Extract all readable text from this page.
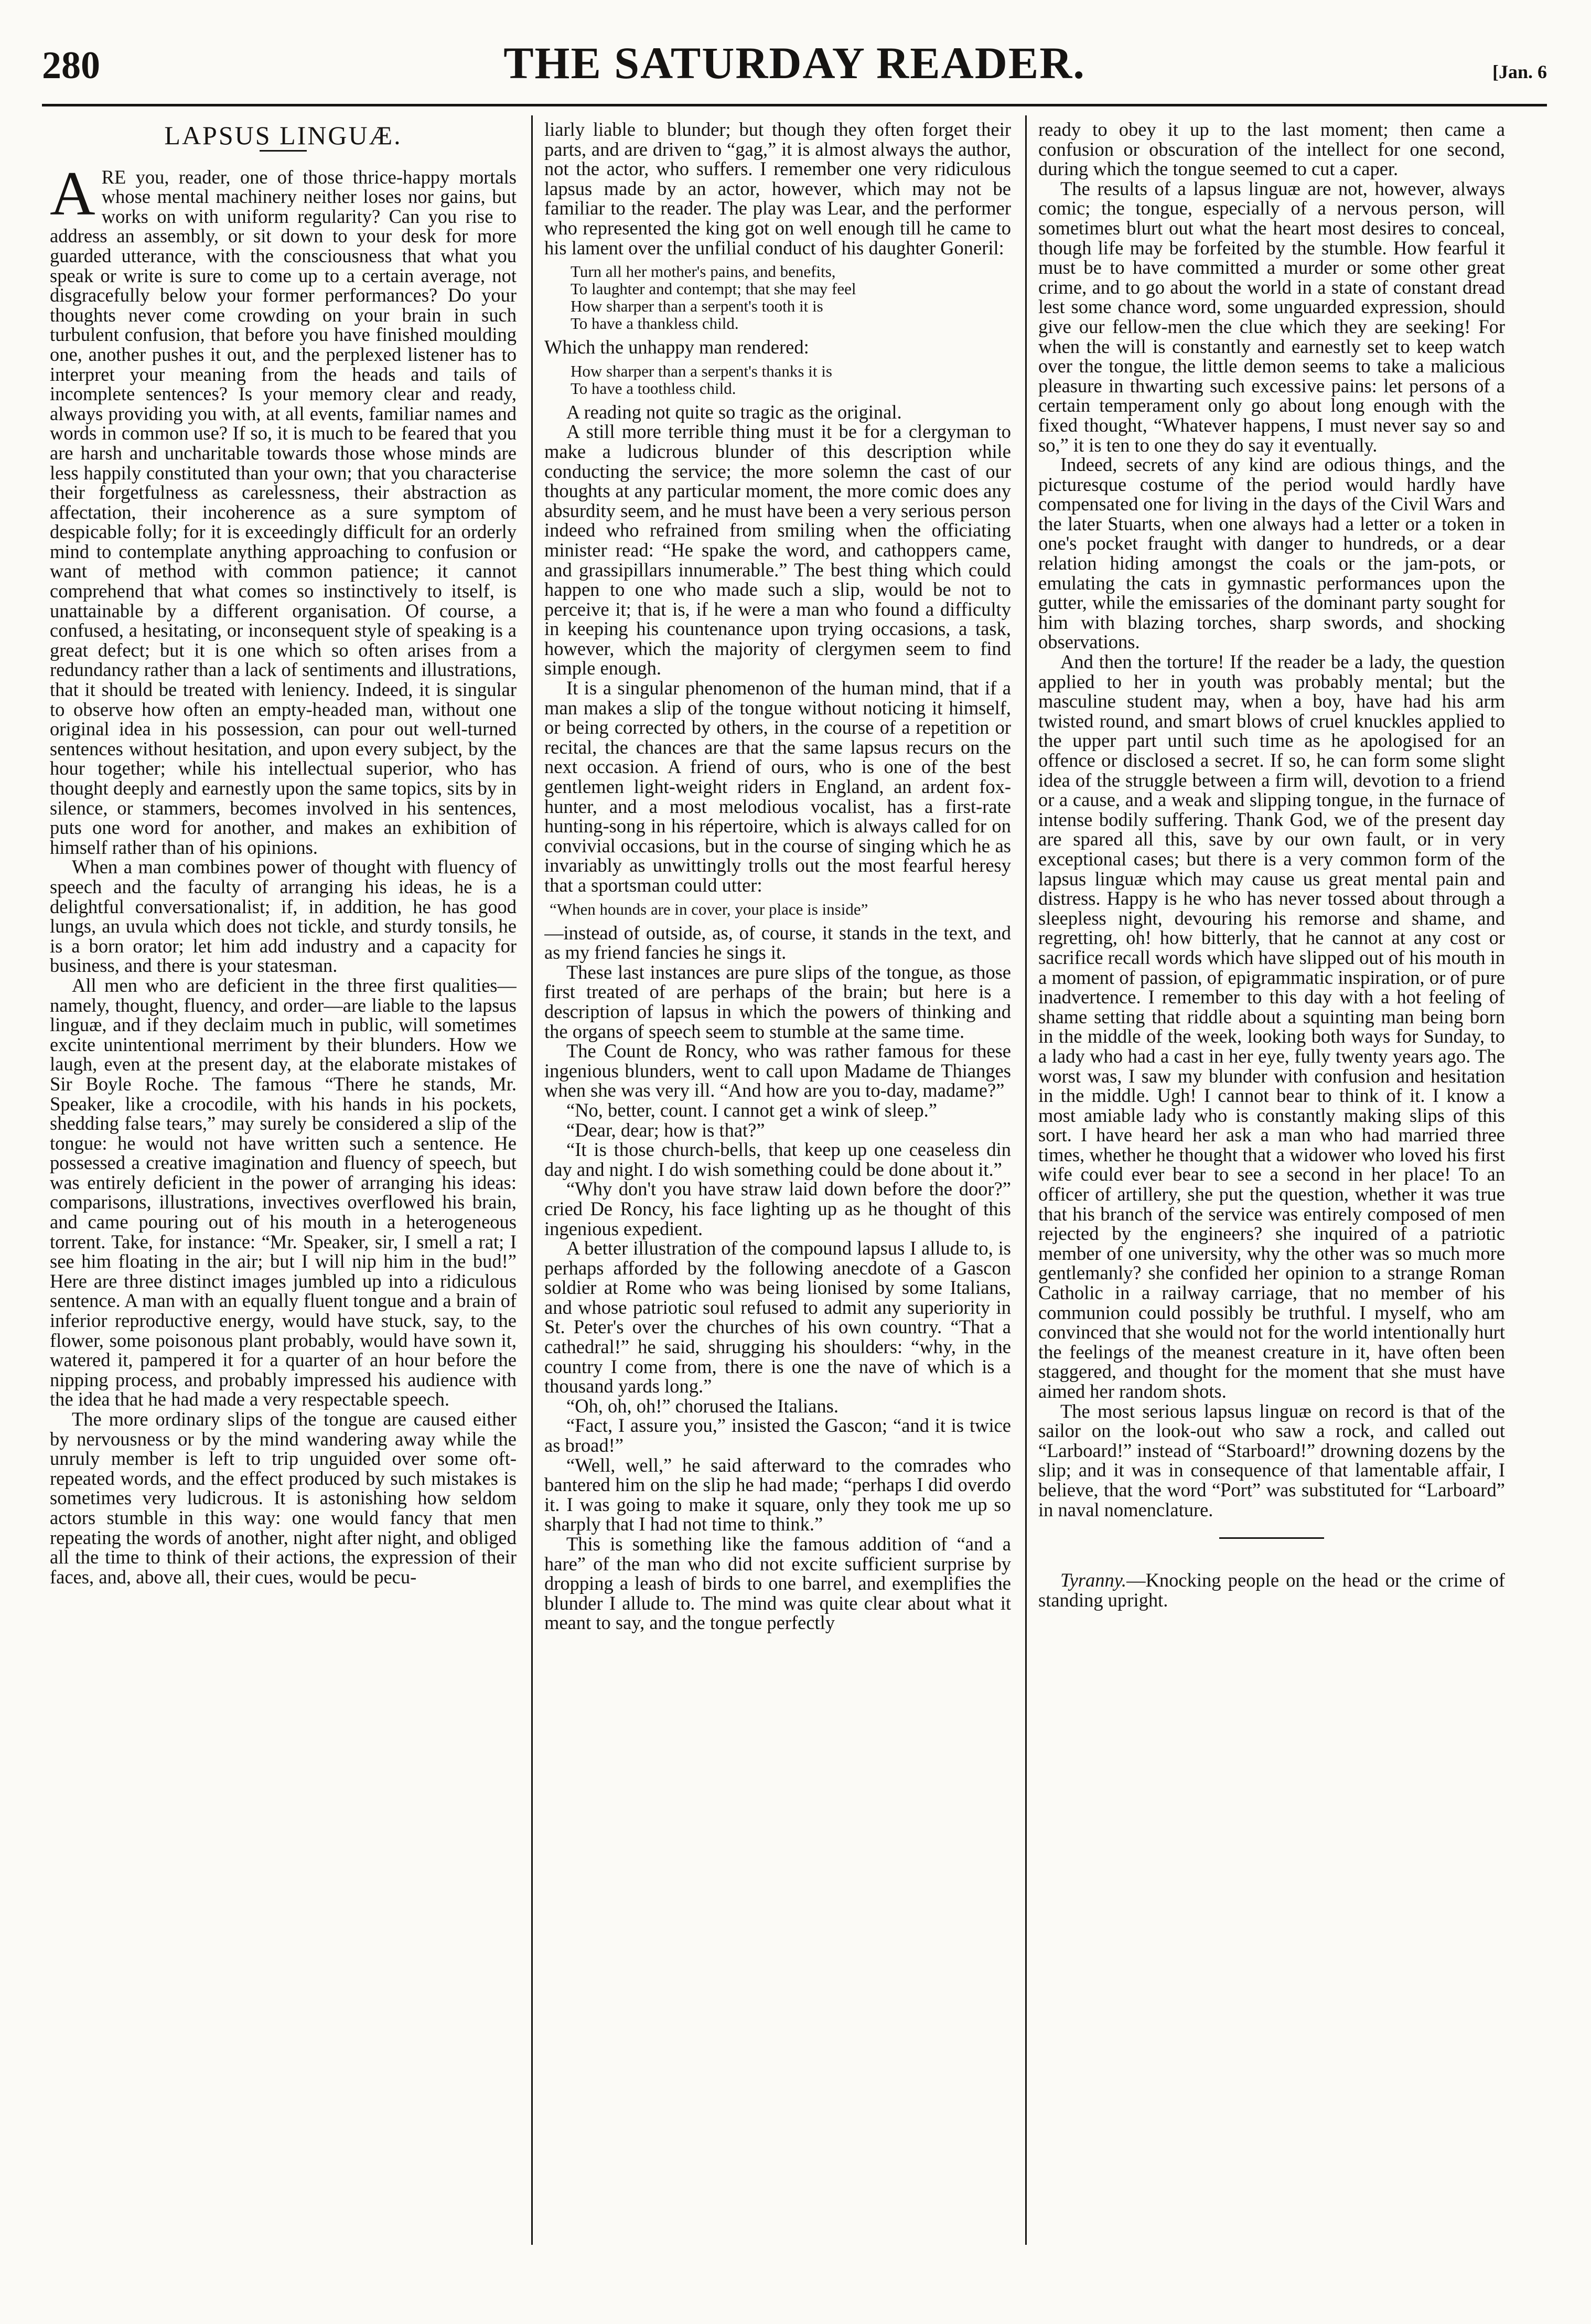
280	THE SATURDAY READER.	[Jan. 6
LAPSUS LINGUÆ.
A RE you, reader, one of those thrice-happy mortals whose mental machinery neither loses nor gains, but works on with uniform regularity? Can you rise to address an assembly, or sit down to your desk for more guarded utterance, with the consciousness that what you speak or write is sure to come up to a certain average, not disgracefully below your former performances? Do your thoughts never come crowding on your brain in such turbulent confusion, that before you have finished moulding one, another pushes it out, and the perplexed listener has to interpret your meaning from the heads and tails of incomplete sentences? Is your memory clear and ready, always providing you with, at all events, familiar names and words in common use? If so, it is much to be feared that you are harsh and uncharitable towards those whose minds are less happily constituted than your own; that you characterise their forgetfulness as carelessness, their abstraction as affectation, their incoherence as a sure symptom of despicable folly; for it is exceedingly difficult for an orderly mind to contemplate anything approaching to confusion or want of method with common patience; it cannot comprehend that what comes so instinctively to itself, is unattainable by a different organisation. Of course, a confused, a hesitating, or inconsequent style of speaking is a great defect; but it is one which so often arises from a redundancy rather than a lack of sentiments and illustrations, that it should be treated with leniency. Indeed, it is singular to observe how often an empty-headed man, without one original idea in his possession, can pour out well-turned sentences without hesitation, and upon every subject, by the hour together; while his intellectual superior, who has thought deeply and earnestly upon the same topics, sits by in silence, or stammers, becomes involved in his sentences, puts one word for another, and makes an exhibition of himself rather than of his opinions.

When a man combines power of thought with fluency of speech and the faculty of arranging his ideas, he is a delightful conversationalist; if, in addition, he has good lungs, an uvula which does not tickle, and sturdy tonsils, he is a born orator; let him add industry and a capacity for business, and there is your statesman.

All men who are deficient in the three first qualities—namely, thought, fluency, and order—are liable to the lapsus linguæ, and if they declaim much in public, will sometimes excite unintentional merriment by their blunders. How we laugh, even at the present day, at the elaborate mistakes of Sir Boyle Roche. The famous “There he stands, Mr. Speaker, like a crocodile, with his hands in his pockets, shedding false tears,” may surely be considered a slip of the tongue: he would not have written such a sentence. He possessed a creative imagination and fluency of speech, but was entirely deficient in the power of arranging his ideas: comparisons, illustrations, invectives overflowed his brain, and came pouring out of his mouth in a heterogeneous torrent. Take, for instance: “Mr. Speaker, sir, I smell a rat; I see him floating in the air; but I will nip him in the bud!” Here are three distinct images jumbled up into a ridiculous sentence. A man with an equally fluent tongue and a brain of inferior reproductive energy, would have stuck, say, to the flower, some poisonous plant probably, would have sown it, watered it, pampered it for a quarter of an hour before the nipping process, and probably impressed his audience with the idea that he had made a very respectable speech.

The more ordinary slips of the tongue are caused either by nervousness or by the mind wandering away while the unruly member is left to trip unguided over some oft-repeated words, and the effect produced by such mistakes is sometimes very ludicrous. It is astonishing how seldom actors stumble in this way: one would fancy that men repeating the words of another, night after night, and obliged all the time to think of their actions, the expression of their faces, and, above all, their cues, would be pecu-

liarly liable to blunder; but though they often forget their parts, and are driven to “gag,” it is almost always the author, not the actor, who suffers. I remember one very ridiculous lapsus made by an actor, however, which may not be familiar to the reader. The play was Lear, and the performer who represented the king got on well enough till he came to his lament over the unfilial conduct of his daughter Goneril:

Turn all her mother's pains, and benefits,
To laughter and contempt; that she may feel
How sharper than a serpent's tooth it is
To have a thankless child.

Which the unhappy man rendered:

How sharper than a serpent's thanks it is
To have a toothless child.

A reading not quite so tragic as the original.

A still more terrible thing must it be for a clergyman to make a ludicrous blunder of this description while conducting the service; the more solemn the cast of our thoughts at any particular moment, the more comic does any absurdity seem, and he must have been a very serious person indeed who refrained from smiling when the officiating minister read: “He spake the word, and cathoppers came, and grassipillars innumerable.” The best thing which could happen to one who made such a slip, would be not to perceive it; that is, if he were a man who found a difficulty in keeping his countenance upon trying occasions, a task, however, which the majority of clergymen seem to find simple enough.

It is a singular phenomenon of the human mind, that if a man makes a slip of the tongue without noticing it himself, or being corrected by others, in the course of a repetition or recital, the chances are that the same lapsus recurs on the next occasion. A friend of ours, who is one of the best gentlemen light-weight riders in England, an ardent fox-hunter, and a most melodious vocalist, has a first-rate hunting-song in his répertoire, which is always called for on convivial occasions, but in the course of singing which he as invariably as unwittingly trolls out the most fearful heresy that a sportsman could utter:

“When hounds are in cover, your place is inside”

—instead of outside, as, of course, it stands in the text, and as my friend fancies he sings it.

These last instances are pure slips of the tongue, as those first treated of are perhaps of the brain; but here is a description of lapsus in which the powers of thinking and the organs of speech seem to stumble at the same time.

The Count de Roncy, who was rather famous for these ingenious blunders, went to call upon Madame de Thianges when she was very ill. “And how are you to-day, madame?”

“No, better, count. I cannot get a wink of sleep.”

“Dear, dear; how is that?”

“It is those church-bells, that keep up one ceaseless din day and night. I do wish something could be done about it.”

“Why don't you have straw laid down before the door?” cried De Roncy, his face lighting up as he thought of this ingenious expedient.

A better illustration of the compound lapsus I allude to, is perhaps afforded by the following anecdote of a Gascon soldier at Rome who was being lionised by some Italians, and whose patriotic soul refused to admit any superiority in St. Peter's over the churches of his own country. “That a cathedral!” he said, shrugging his shoulders: “why, in the country I come from, there is one the nave of which is a thousand yards long.”

“Oh, oh, oh!” chorused the Italians.

“Fact, I assure you,” insisted the Gascon; “and it is twice as broad!”

“Well, well,” he said afterward to the comrades who bantered him on the slip he had made; “perhaps I did overdo it. I was going to make it square, only they took me up so sharply that I had not time to think.”

This is something like the famous addition of “and a hare” of the man who did not excite sufficient surprise by dropping a leash of birds to one barrel, and exemplifies the blunder I allude to. The mind was quite clear about what it meant to say, and the tongue perfectly

ready to obey it up to the last moment; then came a confusion or obscuration of the intellect for one second, during which the tongue seemed to cut a caper.

The results of a lapsus linguæ are not, however, always comic; the tongue, especially of a nervous person, will sometimes blurt out what the heart most desires to conceal, though life may be forfeited by the stumble. How fearful it must be to have committed a murder or some other great crime, and to go about the world in a state of constant dread lest some chance word, some unguarded expression, should give our fellow-men the clue which they are seeking! For when the will is constantly and earnestly set to keep watch over the tongue, the little demon seems to take a malicious pleasure in thwarting such excessive pains: let persons of a certain temperament only go about long enough with the fixed thought, “Whatever happens, I must never say so and so,” it is ten to one they do say it eventually.

Indeed, secrets of any kind are odious things, and the picturesque costume of the period would hardly have compensated one for living in the days of the Civil Wars and the later Stuarts, when one always had a letter or a token in one's pocket fraught with danger to hundreds, or a dear relation hiding amongst the coals or the jam-pots, or emulating the cats in gymnastic performances upon the gutter, while the emissaries of the dominant party sought for him with blazing torches, sharp swords, and shocking observations.

And then the torture! If the reader be a lady, the question applied to her in youth was probably mental; but the masculine student may, when a boy, have had his arm twisted round, and smart blows of cruel knuckles applied to the upper part until such time as he apologised for an offence or disclosed a secret. If so, he can form some slight idea of the struggle between a firm will, devotion to a friend or a cause, and a weak and slipping tongue, in the furnace of intense bodily suffering. Thank God, we of the present day are spared all this, save by our own fault, or in very exceptional cases; but there is a very common form of the lapsus linguæ which may cause us great mental pain and distress. Happy is he who has never tossed about through a sleepless night, devouring his remorse and shame, and regretting, oh! how bitterly, that he cannot at any cost or sacrifice recall words which have slipped out of his mouth in a moment of passion, of epigrammatic inspiration, or of pure inadvertence. I remember to this day with a hot feeling of shame setting that riddle about a squinting man being born in the middle of the week, looking both ways for Sunday, to a lady who had a cast in her eye, fully twenty years ago. The worst was, I saw my blunder with confusion and hesitation in the middle. Ugh! I cannot bear to think of it. I know a most amiable lady who is constantly making slips of this sort. I have heard her ask a man who had married three times, whether he thought that a widower who loved his first wife could ever bear to see a second in her place! To an officer of artillery, she put the question, whether it was true that his branch of the service was entirely composed of men rejected by the engineers? she inquired of a patriotic member of one university, why the other was so much more gentlemanly? she confided her opinion to a strange Roman Catholic in a railway carriage, that no member of his communion could possibly be truthful. I myself, who am convinced that she would not for the world intentionally hurt the feelings of the meanest creature in it, have often been staggered, and thought for the moment that she must have aimed her random shots.

The most serious lapsus linguæ on record is that of the sailor on the look-out who saw a rock, and called out “Larboard!” instead of “Starboard!” drowning dozens by the slip; and it was in consequence of that lamentable affair, I believe, that the word “Port” was substituted for “Larboard” in naval nomenclature.

Tyranny.—Knocking people on the head or the crime of standing upright.
